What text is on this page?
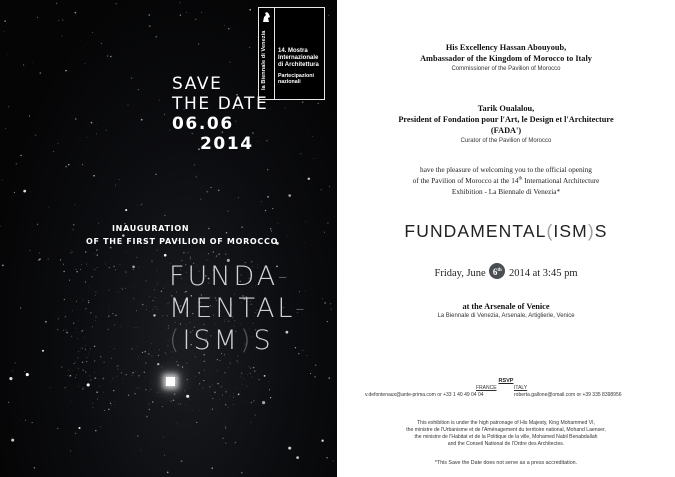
la Biennale di Venezia	14. Mostra
Internazionale
di Architettura
Partecipazioni nazionali
SAVE
THE DATE
06.06
2014
INAUGURATION
OF THE FIRST PAVILION OF MOROCCO
FUNDA-
MENTAL-
(ISM)S
His Excellency Hassan Abouyoub,
Ambassador of the Kingdom of Morocco to Italy
Commissioner of the Pavilion of Morocco
Tarik Oualalou,
President of Fondation pour l'Art, le Design et l'Architecture
(FADA')
Curator of the Pavilion of Morocco
have the pleasure of welcoming you to the official opening
of the Pavilion of Morocco at the 14th International Architecture
Exhibition - La Biennale di Venezia*
FUNDAMENTAL(ISM)S
Friday, June 6th 2014 at 3:45 pm
at the Arsenale of Venice
La Biennale di Venezia, Arsenale, Artiglierie, Venice
RSVP
FRANCE	ITALY
v.defontenaux@ante-prima.com or +33 1 40 49 04 04	roberta.gallone@omail.com or +39 335 8398956
This exhibition is under the high patronage of His Majesty, King Mohammed VI,
the ministre de l'Urbanisme et de l'Aménagement du territoire national, Mohand Laenser,
the ministre de l'Habitat et de la Politique de la ville, Mohamed Nabil Benabdallah
and the Conseil National de l'Ordre des Architectes.
*This Save the Date does not serve as a press accreditation.
